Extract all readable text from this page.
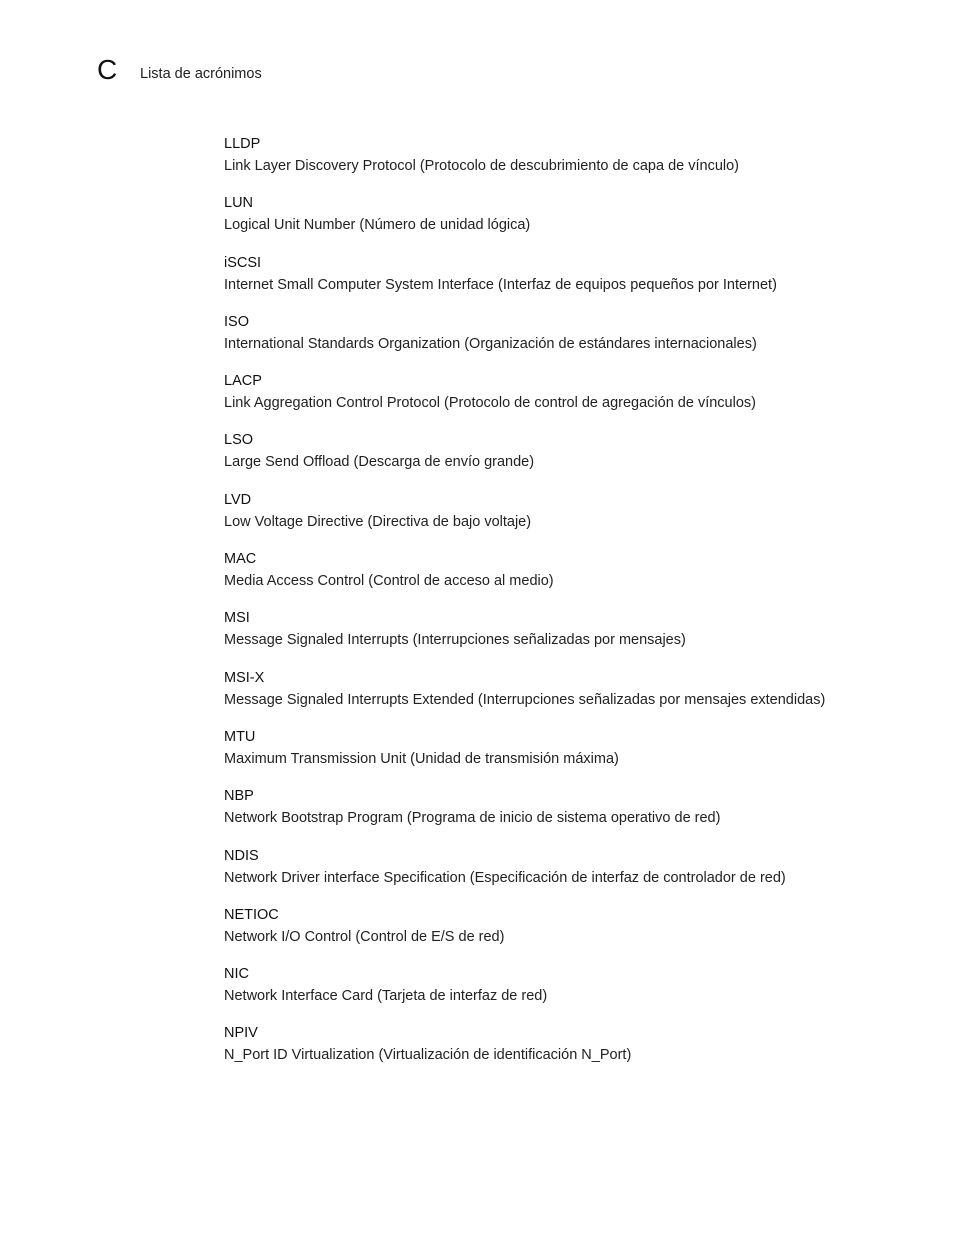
C Lista de acrónimos
LLDP
Link Layer Discovery Protocol (Protocolo de descubrimiento de capa de vínculo)
LUN
Logical Unit Number (Número de unidad lógica)
iSCSI
Internet Small Computer System Interface (Interfaz de equipos pequeños por Internet)
ISO
International Standards Organization (Organización de estándares internacionales)
LACP
Link Aggregation Control Protocol (Protocolo de control de agregación de vínculos)
LSO
Large Send Offload (Descarga de envío grande)
LVD
Low Voltage Directive (Directiva de bajo voltaje)
MAC
Media Access Control (Control de acceso al medio)
MSI
Message Signaled Interrupts (Interrupciones señalizadas por mensajes)
MSI-X
Message Signaled Interrupts Extended (Interrupciones señalizadas por mensajes extendidas)
MTU
Maximum Transmission Unit (Unidad de transmisión máxima)
NBP
Network Bootstrap Program (Programa de inicio de sistema operativo de red)
NDIS
Network Driver interface Specification (Especificación de interfaz de controlador de red)
NETIOC
Network I/O Control (Control de E/S de red)
NIC
Network Interface Card (Tarjeta de interfaz de red)
NPIV
N_Port ID Virtualization (Virtualización de identificación N_Port)
